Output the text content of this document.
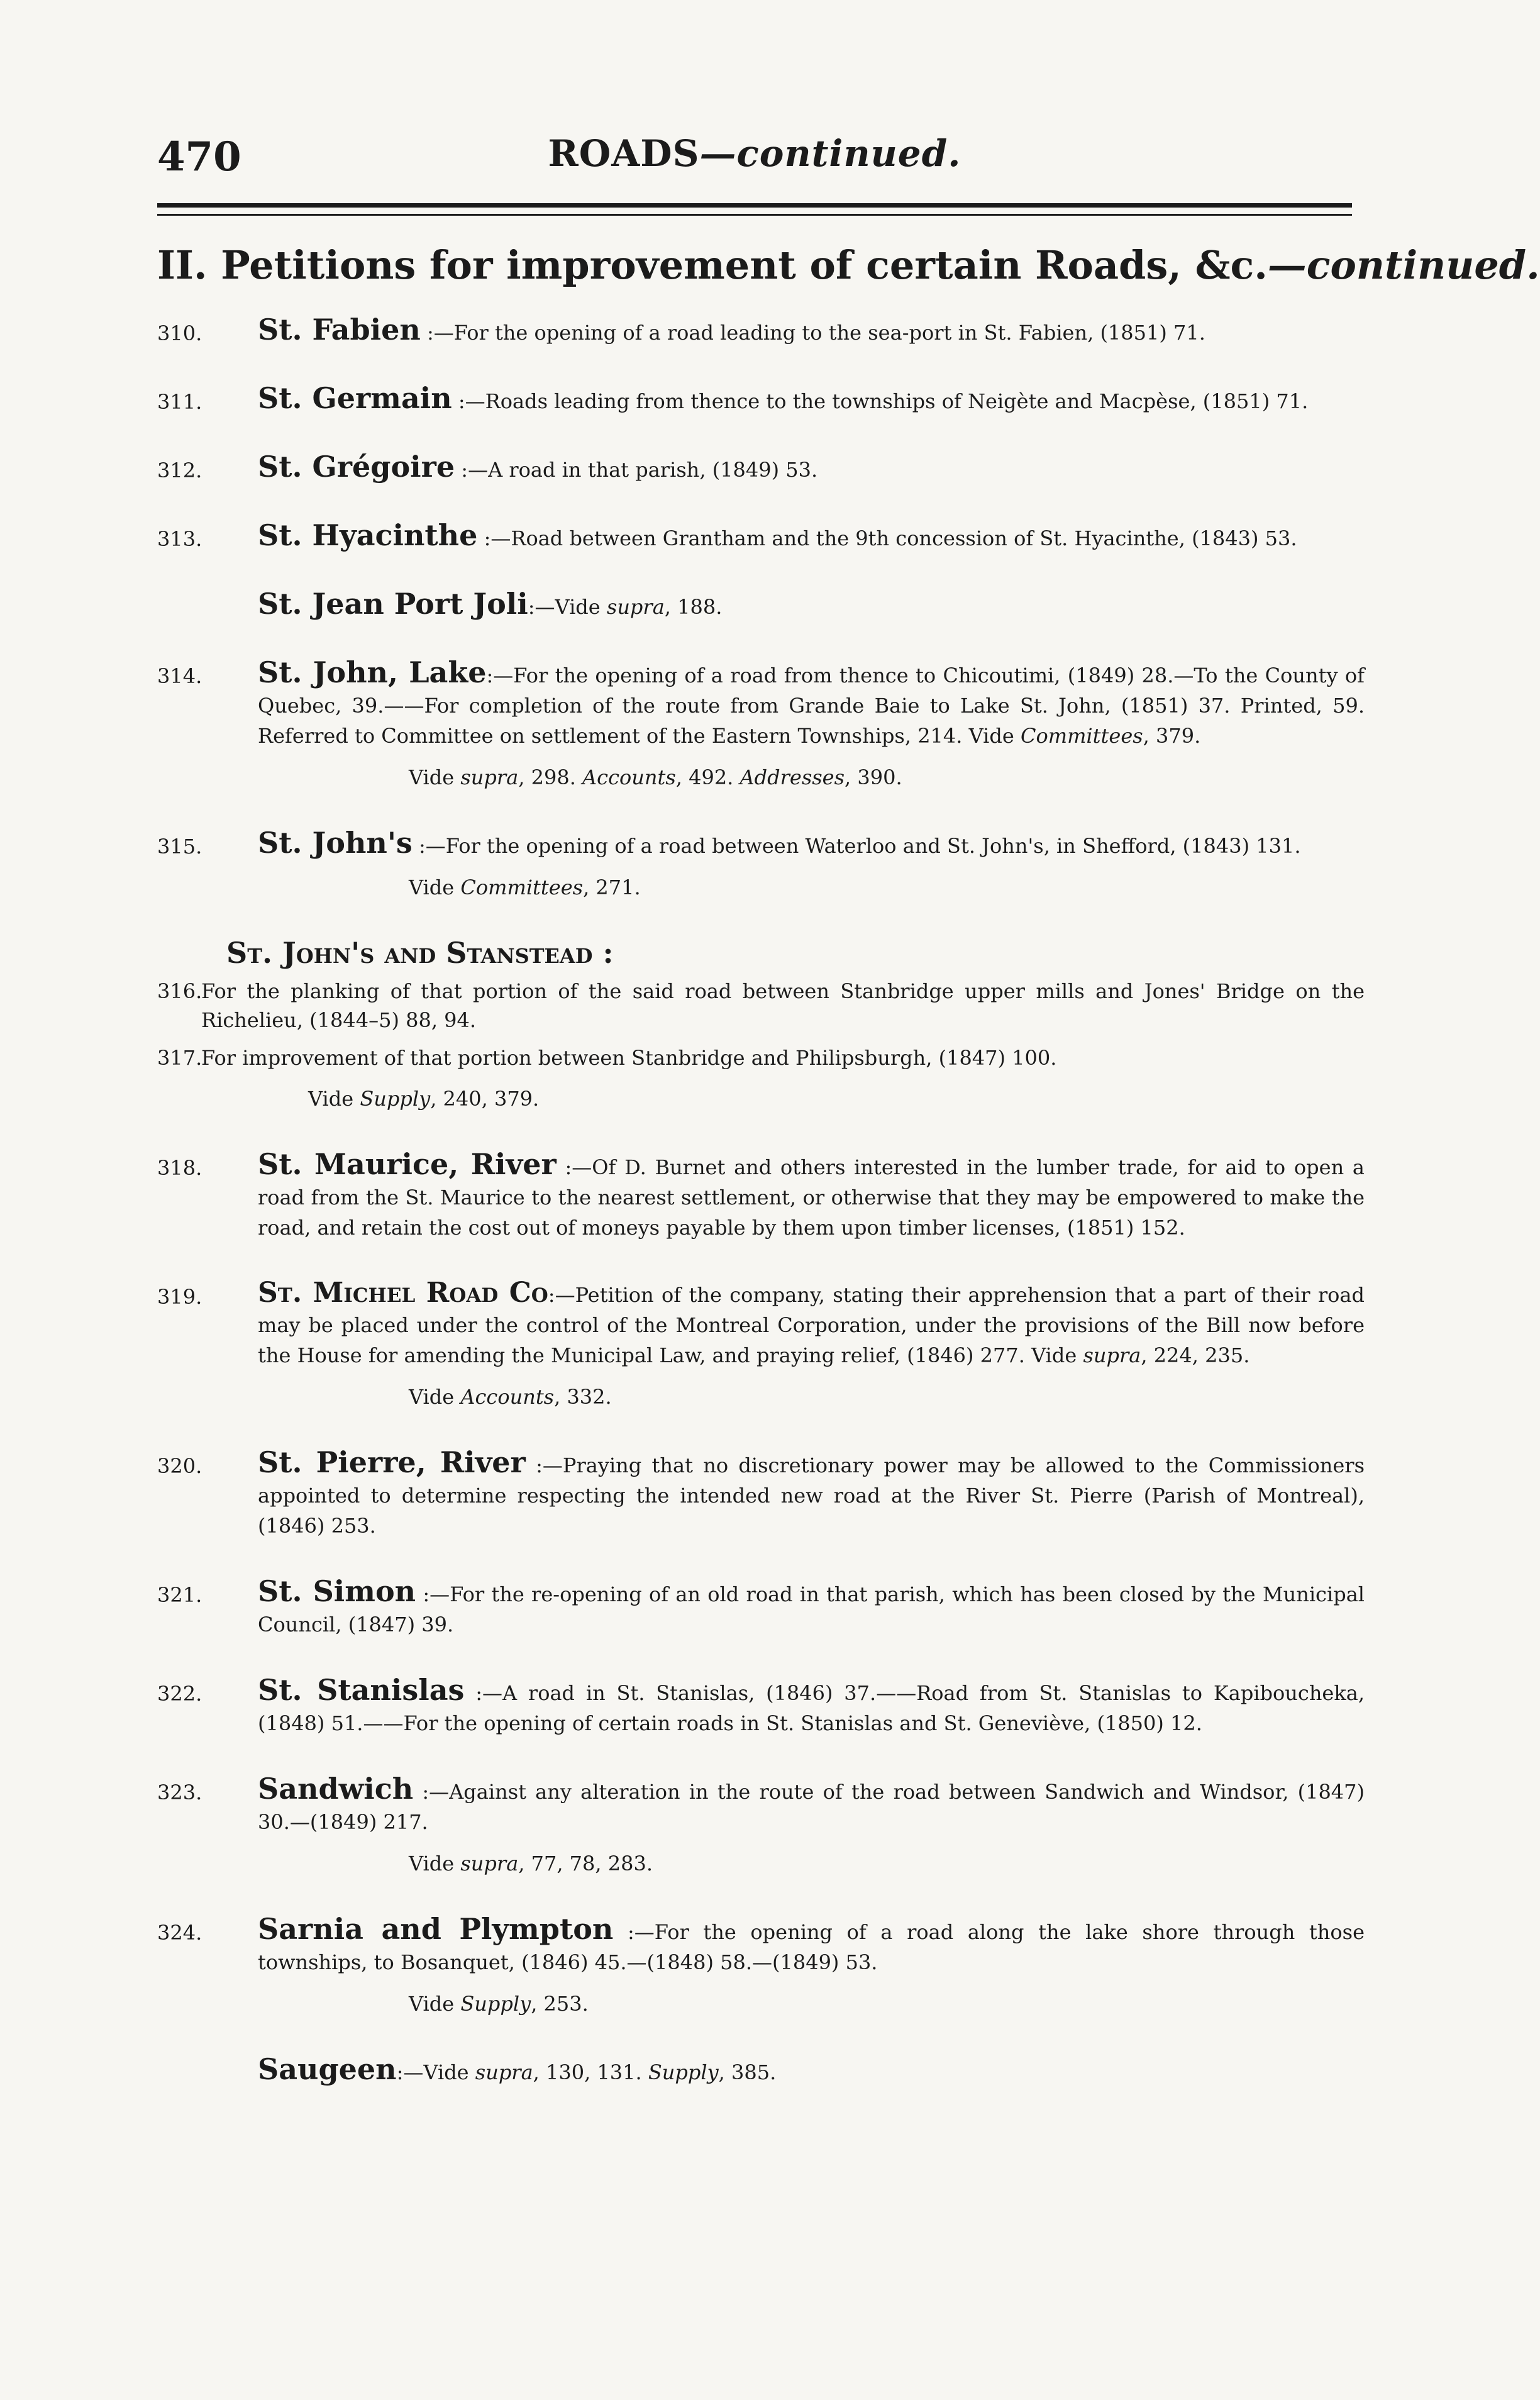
470	ROADS—continued.
II. Petitions for improvement of certain Roads, &c.—continued.
310. St. Fabien :—For the opening of a road leading to the sea-port in St. Fabien, (1851) 71.
311. St. Germain :—Roads leading from thence to the townships of Neigète and Macpèse, (1851) 71.
312. St. Grégoire :—A road in that parish, (1849) 53.
313. St. Hyacinthe :—Road between Grantham and the 9th concession of St. Hyacinthe, (1843) 53.
St. Jean Port Joli:—Vide supra, 188.
314. St. John, Lake:—For the opening of a road from thence to Chicoutimi, (1849) 28.—To the County of Quebec, 39.——For completion of the route from Grande Baie to Lake St. John, (1851) 37. Printed, 59. Referred to Committee on settlement of the Eastern Townships, 214. Vide Committees, 379.
Vide supra, 298. Accounts, 492. Addresses, 390.
315. St. John's :—For the opening of a road between Waterloo and St. John's, in Shefford, (1843) 131.
Vide Committees, 271.
St. John's and Stanstead :
316.
For the planking of that portion of the said road between Stanbridge upper mills and Jones' Bridge on the Richelieu, (1844–5) 88, 94.
317.
For improvement of that portion between Stanbridge and Philipsburgh, (1847) 100.
Vide Supply, 240, 379.
318. St. Maurice, River :—Of D. Burnet and others interested in the lumber trade, for aid to open a road from the St. Maurice to the nearest settlement, or otherwise that they may be empowered to make the road, and retain the cost out of moneys payable by them upon timber licenses, (1851) 152.
319. St. Michel Road Co:—Petition of the company, stating their apprehension that a part of their road may be placed under the control of the Montreal Corporation, under the provisions of the Bill now before the House for amending the Municipal Law, and praying relief, (1846) 277. Vide supra, 224, 235.
Vide Accounts, 332.
320. St. Pierre, River :—Praying that no discretionary power may be allowed to the Commissioners appointed to determine respecting the intended new road at the River St. Pierre (Parish of Montreal), (1846) 253.
321. St. Simon :—For the re-opening of an old road in that parish, which has been closed by the Municipal Council, (1847) 39.
322. St. Stanislas :—A road in St. Stanislas, (1846) 37.——Road from St. Stanislas to Kapiboucheka, (1848) 51.——For the opening of certain roads in St. Stanislas and St. Geneviève, (1850) 12.
323. Sandwich :—Against any alteration in the route of the road between Sandwich and Windsor, (1847) 30.—(1849) 217.
Vide supra, 77, 78, 283.
324. Sarnia and Plympton :—For the opening of a road along the lake shore through those townships, to Bosanquet, (1846) 45.—(1848) 58.—(1849) 53.
Vide Supply, 253.
Saugeen:—Vide supra, 130, 131. Supply, 385.
